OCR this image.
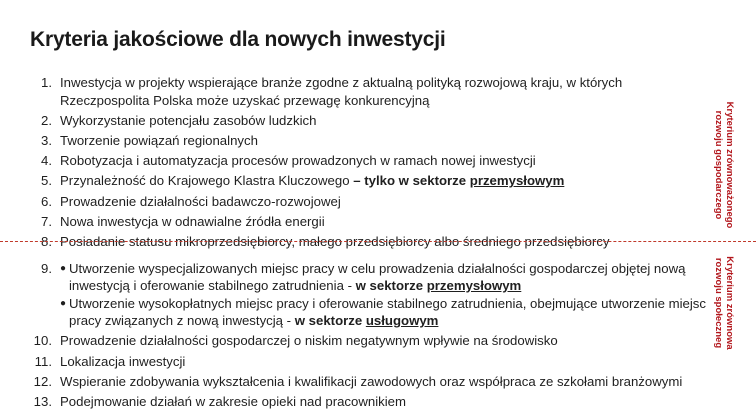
Kryteria jakościowe dla nowych inwestycji
1. Inwestycja w projekty wspierające branże zgodne z aktualną polityką rozwojową kraju, w których Rzeczpospolita Polska może uzyskać przewagę konkurencyjną
2. Wykorzystanie potencjału zasobów ludzkich
3. Tworzenie powiązań regionalnych
4. Robotyzacja i automatyzacja procesów prowadzonych w ramach nowej inwestycji
5. Przynależność do Krajowego Klastra Kluczowego – tylko w sektorze przemysłowym
6. Prowadzenie działalności badawczo-rozwojowej
7. Nowa inwestycja w odnawialne źródła energii
8. Posiadanie statusu mikroprzedsiębiorcy, małego przedsiębiorcy albo średniego przedsiębiorcy
9. ● Utworzenie wyspecjalizowanych miejsc pracy w celu prowadzenia działalności gospodarczej objętej nową inwestycją i oferowanie stabilnego zatrudnienia - w sektorze przemysłowym
● Utworzenie wysokopłatnych miejsc pracy i oferowanie stabilnego zatrudnienia, obejmujące utworzenie miejsc pracy związanych z nową inwestycją - w sektorze usługowym
10. Prowadzenie działalności gospodarczej o niskim negatywnym wpływie na środowisko
11. Lokalizacja inwestycji
12. Wspieranie zdobywania wykształcenia i kwalifikacji zawodowych oraz współpraca ze szkołami branżowymi
13. Podejmowanie działań w zakresie opieki nad pracownikiem
Kryterium zrównoważonego
rozwoju gospodarczego
Kryterium zrównowa
rozwoju społeczneg
